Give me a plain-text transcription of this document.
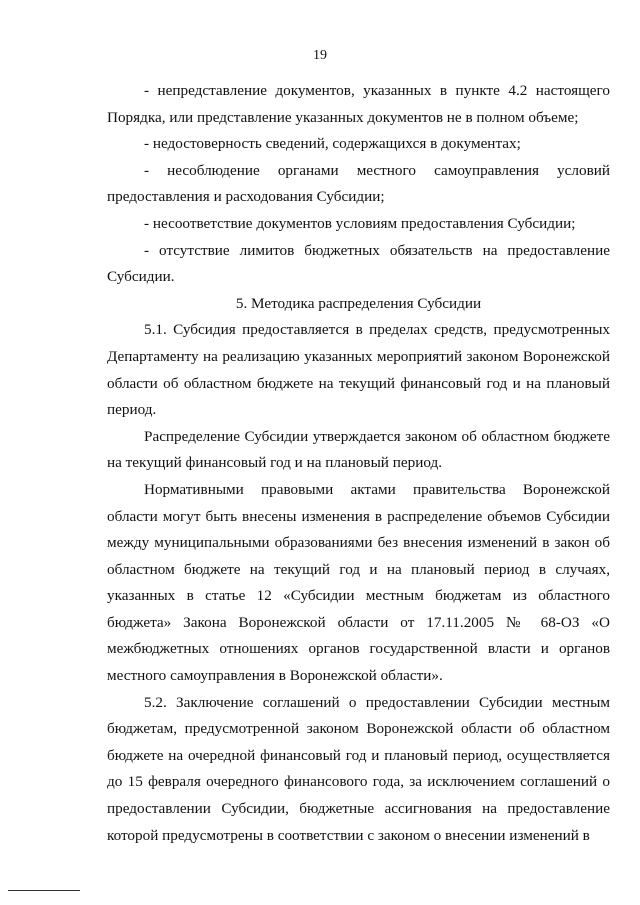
19

- непредставление документов, указанных в пункте 4.2 настоящего Порядка, или представление указанных документов не в полном объеме;

- недостоверность сведений, содержащихся в документах;

- несоблюдение органами местного самоуправления условий предоставления и расходования Субсидии;

- несоответствие документов условиям предоставления Субсидии;

- отсутствие лимитов бюджетных обязательств на предоставление Субсидии.

5. Методика распределения Субсидии

5.1. Субсидия предоставляется в пределах средств, предусмотренных Департаменту на реализацию указанных мероприятий законом Воронежской области об областном бюджете на текущий финансовый год и на плановый период.

Распределение Субсидии утверждается законом об областном бюджете на текущий финансовый год и на плановый период.

Нормативными правовыми актами правительства Воронежской области могут быть внесены изменения в распределение объемов Субсидии между муниципальными образованиями без внесения изменений в закон об областном бюджете на текущий год и на плановый период в случаях, указанных в статье 12 «Субсидии местным бюджетам из областного бюджета» Закона Воронежской области от 17.11.2005 № 68-ОЗ «О межбюджетных отношениях органов государственной власти и органов местного самоуправления в Воронежской области».

5.2. Заключение соглашений о предоставлении Субсидии местным бюджетам, предусмотренной законом Воронежской области об областном бюджете на очередной финансовый год и плановый период, осуществляется до 15 февраля очередного финансового года, за исключением соглашений о предоставлении Субсидии, бюджетные ассигнования на предоставление которой предусмотрены в соответствии с законом о внесении изменений в
